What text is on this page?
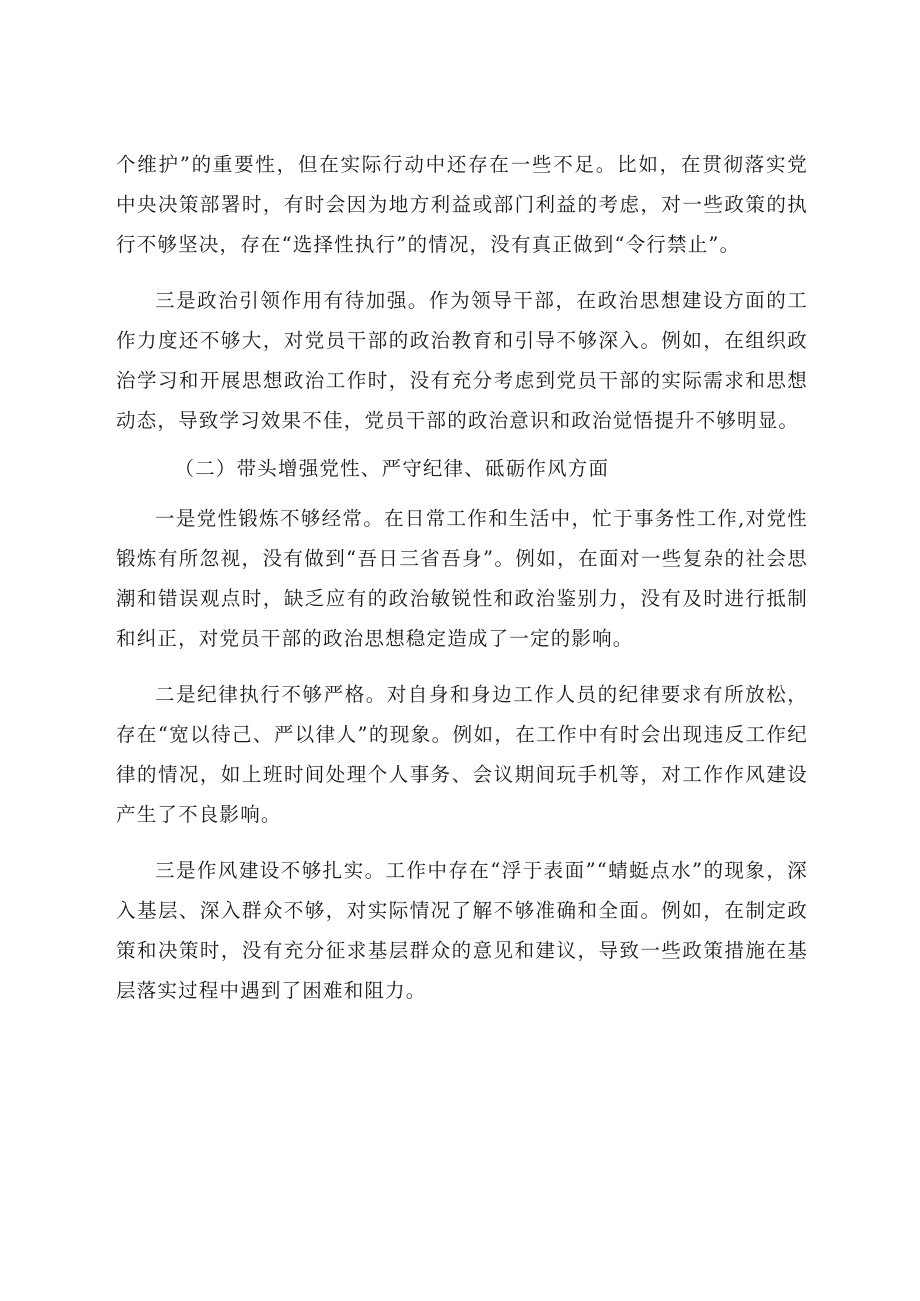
个维护”的重要性，但在实际行动中还存在一些不足。比如，在贯彻落实党中央决策部署时，有时会因为地方利益或部门利益的考虑，对一些政策的执行不够坚决，存在“选择性执行”的情况，没有真正做到“令行禁止”。

三是政治引领作用有待加强。作为领导干部，在政治思想建设方面的工作力度还不够大，对党员干部的政治教育和引导不够深入。例如，在组织政治学习和开展思想政治工作时，没有充分考虑到党员干部的实际需求和思想动态，导致学习效果不佳，党员干部的政治意识和政治觉悟提升不够明显。

（二）带头增强党性、严守纪律、砥砺作风方面

一是党性锻炼不够经常。在日常工作和生活中，忙于事务性工作,对党性锻炼有所忽视，没有做到“吾日三省吾身”。例如，在面对一些复杂的社会思潮和错误观点时，缺乏应有的政治敏锐性和政治鉴别力，没有及时进行抵制和纠正，对党员干部的政治思想稳定造成了一定的影响。

二是纪律执行不够严格。对自身和身边工作人员的纪律要求有所放松，存在“宽以待己、严以律人”的现象。例如，在工作中有时会出现违反工作纪律的情况，如上班时间处理个人事务、会议期间玩手机等，对工作作风建设产生了不良影响。

三是作风建设不够扎实。工作中存在“浮于表面”“蜻蜓点水”的现象，深入基层、深入群众不够，对实际情况了解不够准确和全面。例如，在制定政策和决策时，没有充分征求基层群众的意见和建议，导致一些政策措施在基层落实过程中遇到了困难和阻力。
